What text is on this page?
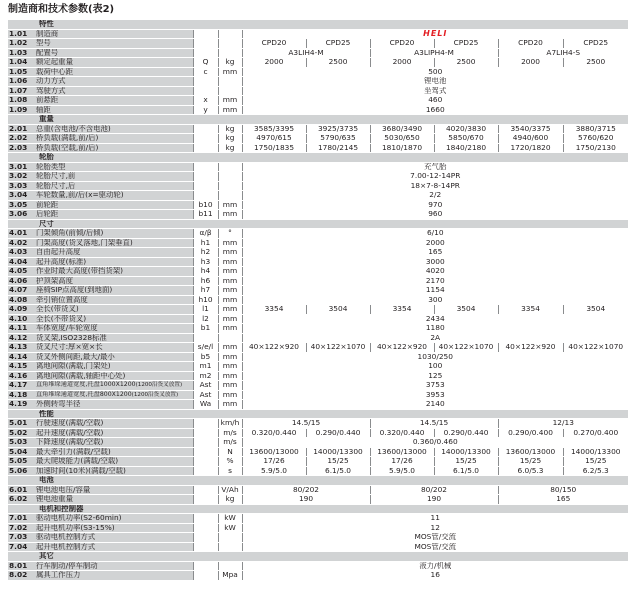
制造商和技术参数(表2)
	特性								
1.01	制造商			HELI					
1.02	型号			CPD20	CPD25	CPD20	CPD25	CPD20	CPD25
1.03	配置号			A3LIH4-M		A3LIPH4-M		A7LIH4-S	
1.04	额定起重量	Q	kg	2000	2500	2000	2500	2000	2500
1.05	载荷中心距	c	mm	500					
1.06	动力方式			锂电池					
1.07	驾驶方式			坐驾式					
1.08	前悬距	x	mm	460					
1.09	轴距	y	mm	1660					
	重量								
2.01	总重(含电池/不含电池)		kg	3585/3395	3925/3735	3680/3490	4020/3830	3540/3375	3880/3715
2.02	桥负载(满载,前/后)		kg	4970/615	5790/635	5030/650	5850/670	4940/600	5760/620
2.03	桥负载(空载,前/后)		kg	1750/1835	1780/2145	1810/1870	1840/2180	1720/1820	1750/2130
	轮胎								
3.01	轮胎类型			充气胎					
3.02	轮胎尺寸,前			7.00-12-14PR					
3.03	轮胎尺寸,后			18×7-8-14PR					
3.04	车轮数量,前/后(x=驱动轮)			2/2					
3.05	前轮距	b10	mm	970					
3.06	后轮距	b11	mm	960					
	尺寸								
4.01	门架倾角(前倾/后倾)	α/β	°	6/10					
4.02	门架高度(货叉落地,门架垂直)	h1	mm	2000					
4.03	自由起升高度	h2	mm	165					
4.04	起升高度(标准)	h3	mm	3000					
4.05	作业时最大高度(带挡货架)	h4	mm	4020					
4.06	护顶架高度	h6	mm	2170					
4.07	座椅SIP点高度(到地面)	h7	mm	1154					
4.08	牵引销位置高度	h10	mm	300					
4.09	全长(带货叉)	l1	mm	3354	3504	3354	3504	3354	3504
4.10	全长(不带货叉)	l2	mm	2434					
4.11	车体宽度/车轮宽度	b1	mm	1180					
4.12	货叉架,ISO2328标准			2A					
4.13	货叉尺寸:厚×宽×长	s/e/l	mm	40×122×920	40×122×1070	40×122×920	40×122×1070	40×122×920	40×122×1070
4.14	货叉外侧间距,最大/最小	b5	mm	1030/250					
4.15	离地间隙(满载,门架处)	m1	mm	100					
4.16	离地间隙(满载,轴距中心处)	m2	mm	125					
4.17	直角堆垛通道宽度,托盘1000X1200(1200沿货叉放置)	Ast	mm	3753					
4.18	直角堆垛通道宽度,托盘800X1200(1200沿货叉放置)	Ast	mm	3953					
4.19	外侧转弯半径	Wa	mm	2140					
	性能								
5.01	行驶速度(满载/空载)		km/h	14.5/15		14.5/15		12/13	
5.02	起升速度(满载/空载)		m/s	0.320/0.440	0.290/0.440	0.320/0.440	0.290/0.440	0.290/0.400	0.270/0.400
5.03	下降速度(满载/空载)		m/s	0.360/0.460					
5.04	最大牵引力(满载/空载)		N	13600/13000	14000/13300	13600/13000	14000/13300	13600/13000	14000/13300
5.05	最大爬坡能力(满载/空载)		%	17/26	15/25	17/26	15/25	15/25	15/25
5.06	加速时间(10米)(满载/空载)		s	5.9/5.0	6.1/5.0	5.9/5.0	6.1/5.0	6.0/5.3	6.2/5.3
	电池								
6.01	锂电池电压/容量		V/Ah	80/202		80/202		80/150	
6.02	锂电池重量		kg	190		190		165	
	电机和控制器								
7.01	驱动电机功率(S2-60min)		kW	11					
7.02	起升电机功率(S3-15%)		kW	12					
7.03	驱动电机控制方式			MOS管/交流					
7.04	起升电机控制方式			MOS管/交流					
	其它								
8.01	行车制动/停车制动			液力/机械					
8.02	属具工作压力		Mpa	16					
